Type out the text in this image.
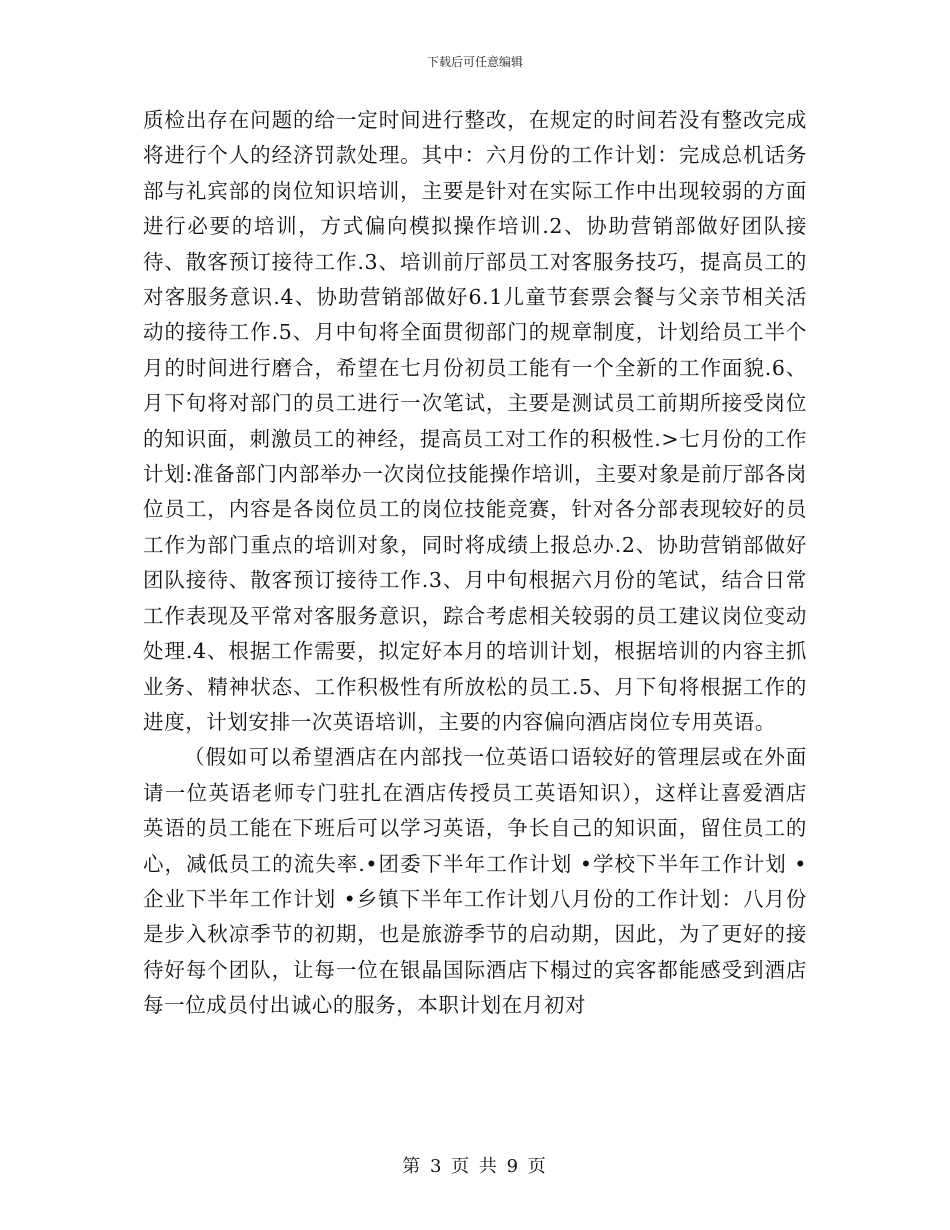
下载后可任意编辑

质检出存在问题的给一定时间进行整改，在规定的时间若没有整改完成将进行个人的经济罚款处理。其中：六月份的工作计划：完成总机话务部与礼宾部的岗位知识培训，主要是针对在实际工作中出现较弱的方面进行必要的培训，方式偏向模拟操作培训.2、协助营销部做好团队接待、散客预订接待工作.3、培训前厅部员工对客服务技巧，提高员工的对客服务意识.4、协助营销部做好6.1儿童节套票会餐与父亲节相关活动的接待工作.5、月中旬将全面贯彻部门的规章制度，计划给员工半个月的时间进行磨合，希望在七月份初员工能有一个全新的工作面貌.6、月下旬将对部门的员工进行一次笔试，主要是测试员工前期所接受岗位的知识面，刺激员工的神经，提高员工对工作的积极性.>七月份的工作计划:准备部门内部举办一次岗位技能操作培训，主要对象是前厅部各岗位员工，内容是各岗位员工的岗位技能竞赛，针对各分部表现较好的员工作为部门重点的培训对象，同时将成绩上报总办.2、协助营销部做好团队接待、散客预订接待工作.3、月中旬根据六月份的笔试，结合日常工作表现及平常对客服务意识，踪合考虑相关较弱的员工建议岗位变动处理.4、根据工作需要，拟定好本月的培训计划，根据培训的内容主抓业务、精神状态、工作积极性有所放松的员工.5、月下旬将根据工作的进度，计划安排一次英语培训，主要的内容偏向酒店岗位专用英语。

（假如可以希望酒店在内部找一位英语口语较好的管理层或在外面请一位英语老师专门驻扎在酒店传授员工英语知识），这样让喜爱酒店英语的员工能在下班后可以学习英语，争长自己的知识面，留住员工的心，减低员工的流失率.•团委下半年工作计划 •学校下半年工作计划 •企业下半年工作计划 •乡镇下半年工作计划八月份的工作计划：八月份是步入秋凉季节的初期，也是旅游季节的启动期，因此，为了更好的接待好每个团队，让每一位在银晶国际酒店下榻过的宾客都能感受到酒店每一位成员付出诚心的服务，本职计划在月初对

第 3 页 共 9 页
